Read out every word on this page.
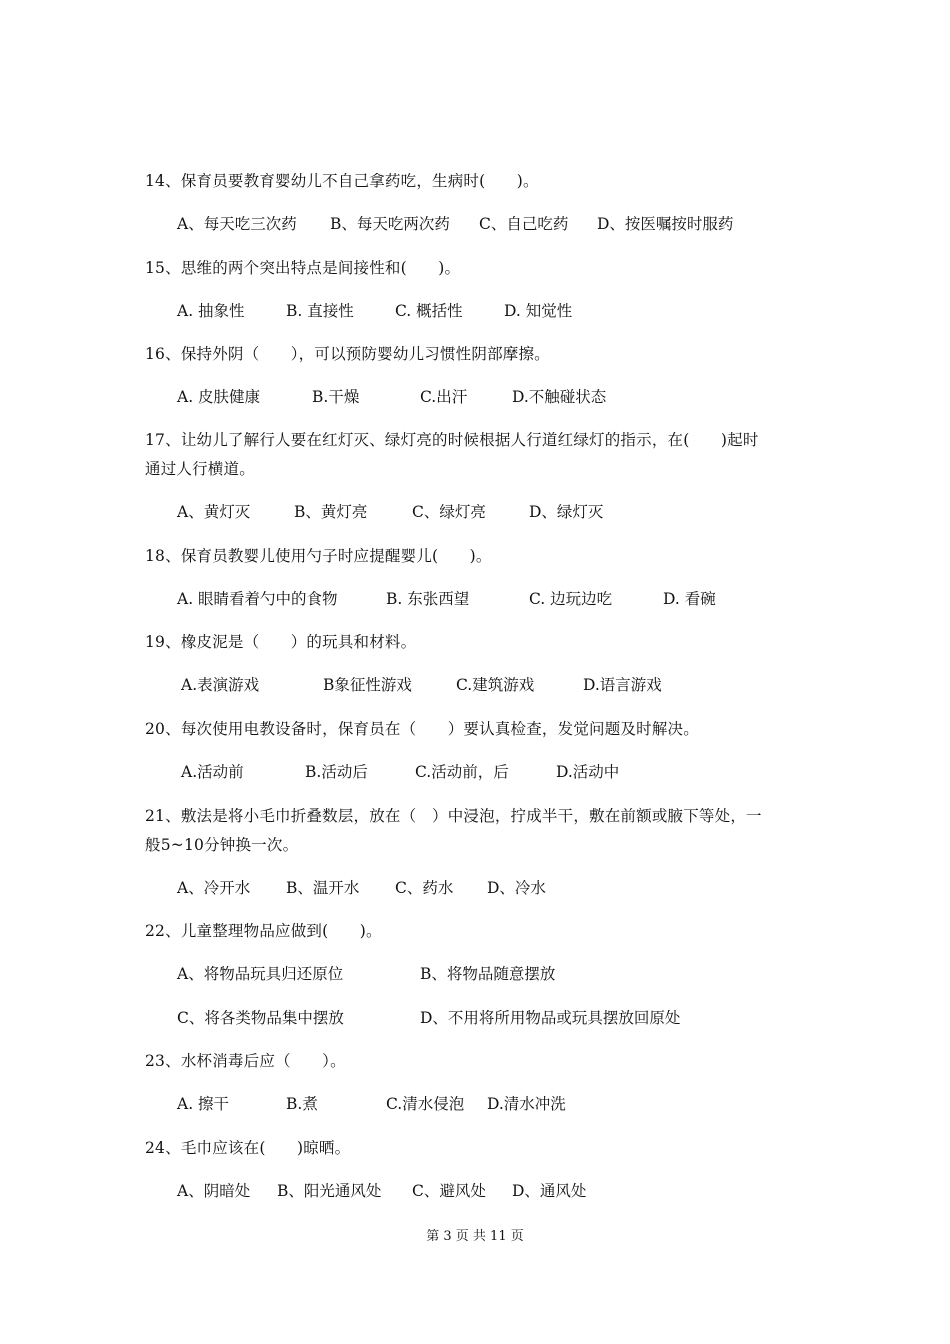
14、保育员要教育婴幼儿不自己拿药吃，生病时(　　)。
A、每天吃三次药 B、每天吃两次药 C、自己吃药 D、按医嘱按时服药
15、思维的两个突出特点是间接性和(　　)。
A. 抽象性	B. 直接性	C. 概括性	D. 知觉性
16、保持外阴（　　），可以预防婴幼儿习惯性阴部摩擦。
A. 皮肤健康	B.干燥	C.出汗	D.不触碰状态
17、让幼儿了解行人要在红灯灭、绿灯亮的时候根据人行道红绿灯的指示，在(　　)起时
通过人行横道。
A、黄灯灭	B、黄灯亮	C、绿灯亮	D、绿灯灭
18、保育员教婴儿使用勺子时应提醒婴儿(　　)。
A. 眼睛看着勺中的食物	B. 东张西望	C. 边玩边吃	D. 看碗
19、橡皮泥是（　　）的玩具和材料。
A.表演游戏	B象征性游戏	C.建筑游戏	D.语言游戏
20、每次使用电教设备时，保育员在（　　）要认真检查，发觉问题及时解决。
A.活动前	B.活动后	C.活动前，后	D.活动中
21、敷法是将小毛巾折叠数层，放在（　）中浸泡，拧成半干，敷在前额或腋下等处，一
般5~10分钟换一次。
A、冷开水 B、温开水 C、药水 D、冷水
22、儿童整理物品应做到(　　)。
A、将物品玩具归还原位	B、将物品随意摆放
C、将各类物品集中摆放	D、不用将所用物品或玩具摆放回原处
23、水杯消毒后应（　　）。
A. 擦干	B.煮	C.清水侵泡 D.清水冲洗
24、毛巾应该在(　　)晾晒。
A、阴暗处 B、阳光通风处 C、避风处 D、通风处
第 3 页 共 11 页
